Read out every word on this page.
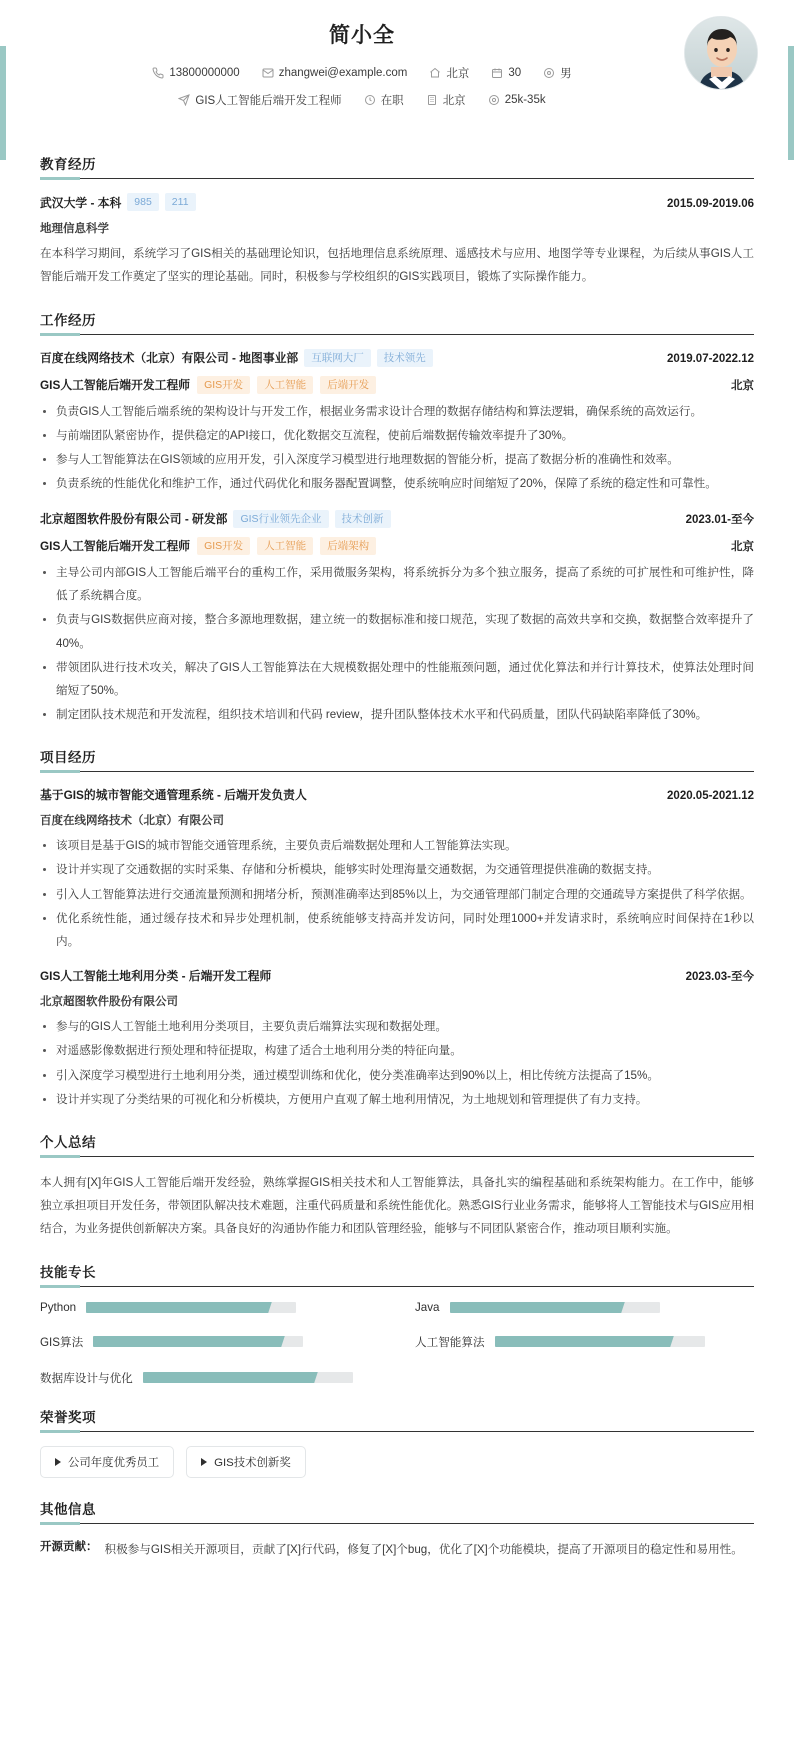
简小全
13800000000	zhangwei@example.com	北京	30	男
GIS人工智能后端开发工程师	在职	北京	25k-35k
教育经历
武汉大学 - 本科	985	211	2015.09-2019.06
地理信息科学
在本科学习期间，系统学习了GIS相关的基础理论知识，包括地理信息系统原理、遥感技术与应用、地图学等专业课程，为后续从事GIS人工智能后端开发工作奠定了坚实的理论基础。同时，积极参与学校组织的GIS实践项目，锻炼了实际操作能力。
工作经历
百度在线网络技术（北京）有限公司 - 地图事业部	互联网大厂	技术领先	2019.07-2022.12
GIS人工智能后端开发工程师	GIS开发	人工智能	后端开发	北京
负责GIS人工智能后端系统的架构设计与开发工作，根据业务需求设计合理的数据存储结构和算法逻辑，确保系统的高效运行。
与前端团队紧密协作，提供稳定的API接口，优化数据交互流程，使前后端数据传输效率提升了30%。
参与人工智能算法在GIS领域的应用开发，引入深度学习模型进行地理数据的智能分析，提高了数据分析的准确性和效率。
负责系统的性能优化和维护工作，通过代码优化和服务器配置调整，使系统响应时间缩短了20%，保障了系统的稳定性和可靠性。
北京超图软件股份有限公司 - 研发部	GIS行业领先企业	技术创新	2023.01-至今
GIS人工智能后端开发工程师	GIS开发	人工智能	后端架构	北京
主导公司内部GIS人工智能后端平台的重构工作，采用微服务架构，将系统拆分为多个独立服务，提高了系统的可扩展性和可维护性，降低了系统耦合度。
负责与GIS数据供应商对接，整合多源地理数据，建立统一的数据标准和接口规范，实现了数据的高效共享和交换，数据整合效率提升了40%。
带领团队进行技术攻关，解决了GIS人工智能算法在大规模数据处理中的性能瓶颈问题，通过优化算法和并行计算技术，使算法处理时间缩短了50%。
制定团队技术规范和开发流程，组织技术培训和代码 review，提升团队整体技术水平和代码质量，团队代码缺陷率降低了30%。
项目经历
基于GIS的城市智能交通管理系统 - 后端开发负责人	2020.05-2021.12
百度在线网络技术（北京）有限公司
该项目是基于GIS的城市智能交通管理系统，主要负责后端数据处理和人工智能算法实现。
设计并实现了交通数据的实时采集、存储和分析模块，能够实时处理海量交通数据，为交通管理提供准确的数据支持。
引入人工智能算法进行交通流量预测和拥堵分析，预测准确率达到85%以上，为交通管理部门制定合理的交通疏导方案提供了科学依据。
优化系统性能，通过缓存技术和异步处理机制，使系统能够支持高并发访问，同时处理1000+并发请求时，系统响应时间保持在1秒以内。
GIS人工智能土地利用分类 - 后端开发工程师	2023.03-至今
北京超图软件股份有限公司
参与的GIS人工智能土地利用分类项目，主要负责后端算法实现和数据处理。
对遥感影像数据进行预处理和特征提取，构建了适合土地利用分类的特征向量。
引入深度学习模型进行土地利用分类，通过模型训练和优化，使分类准确率达到90%以上，相比传统方法提高了15%。
设计并实现了分类结果的可视化和分析模块，方便用户直观了解土地利用情况，为土地规划和管理提供了有力支持。
个人总结
本人拥有[X]年GIS人工智能后端开发经验，熟练掌握GIS相关技术和人工智能算法，具备扎实的编程基础和系统架构能力。在工作中，能够独立承担项目开发任务，带领团队解决技术难题，注重代码质量和系统性能优化。熟悉GIS行业业务需求，能够将人工智能技术与GIS应用相结合，为业务提供创新解决方案。具备良好的沟通协作能力和团队管理经验，能够与不同团队紧密合作，推动项目顺利实施。
技能专长
Python	Java
GIS算法	人工智能算法
数据库设计与优化
荣誉奖项
公司年度优秀员工	GIS技术创新奖
其他信息
开源贡献： 积极参与GIS相关开源项目，贡献了[X]行代码，修复了[X]个bug，优化了[X]个功能模块，提高了开源项目的稳定性和易用性。
